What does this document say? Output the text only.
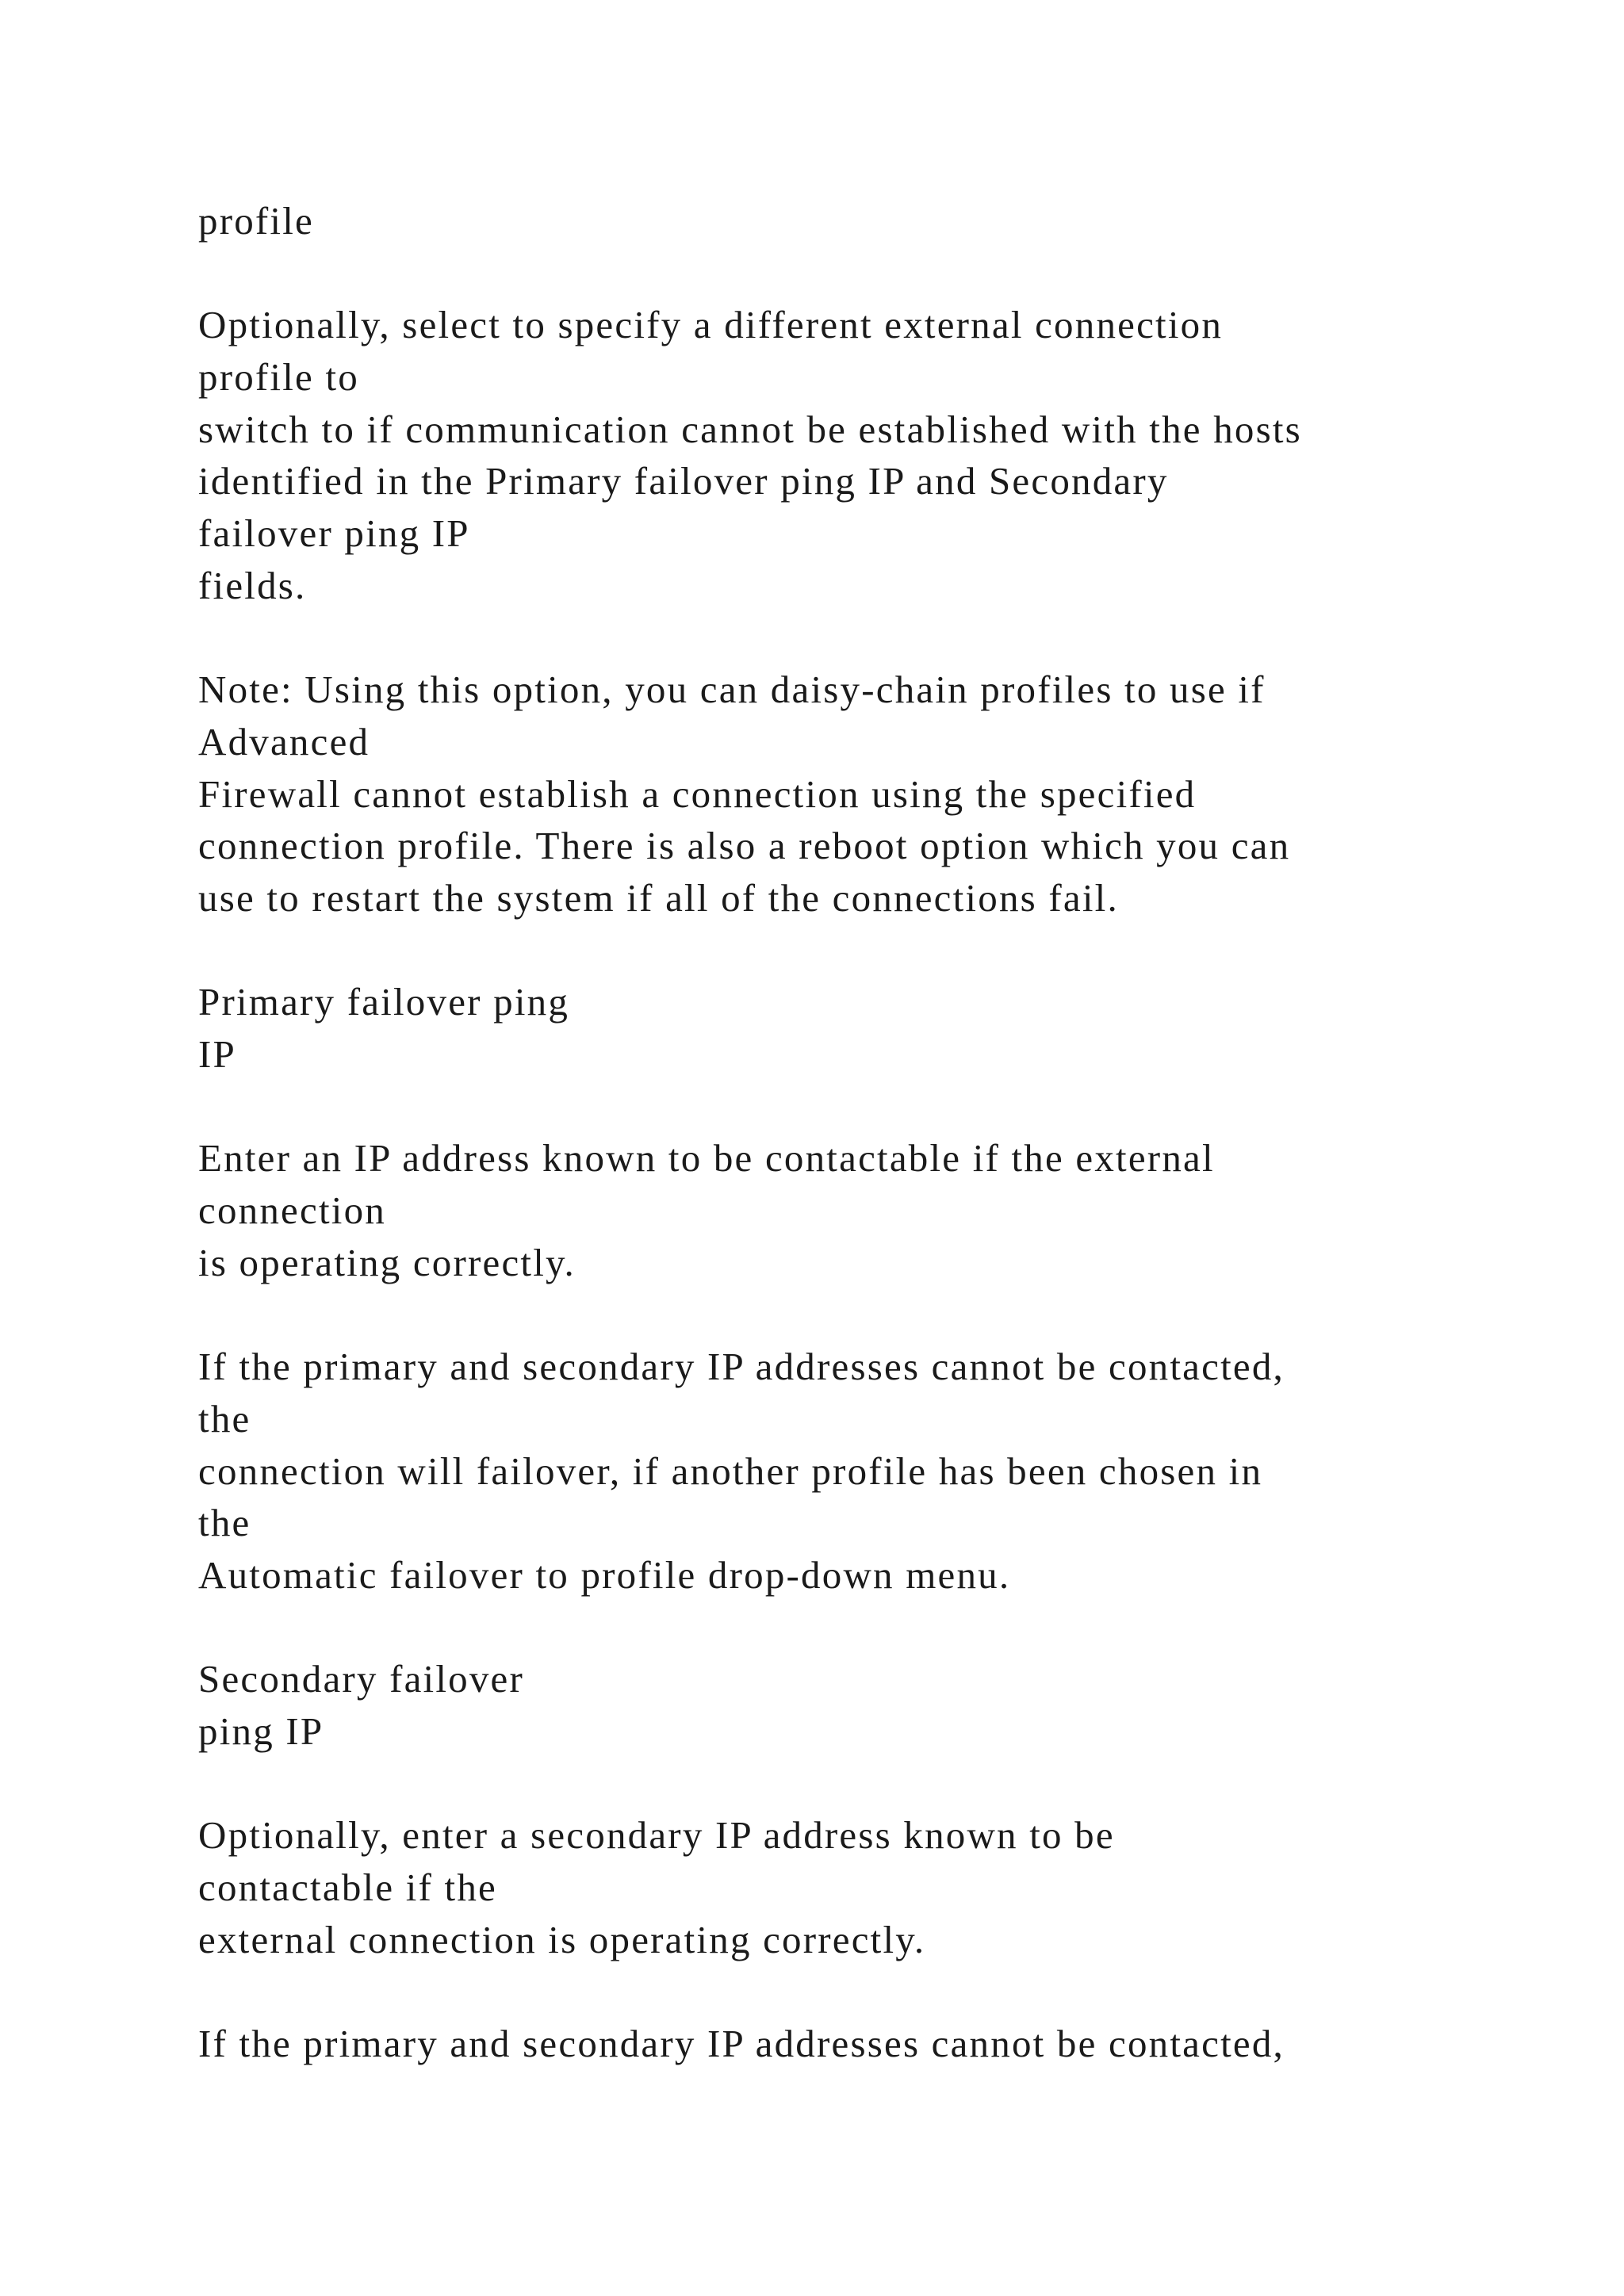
profile
Optionally, select to specify a different external connection
profile to
switch to if communication cannot be established with the hosts
identified in the Primary failover ping IP and Secondary
failover ping IP
fields.
Note: Using this option, you can daisy-chain profiles to use if
Advanced
Firewall cannot establish a connection using the specified
connection profile. There is also a reboot option which you can
use to restart the system if all of the connections fail.
Primary failover ping
IP
Enter an IP address known to be contactable if the external
connection
is operating correctly.
If the primary and secondary IP addresses cannot be contacted,
the
connection will failover, if another profile has been chosen in
the
Automatic failover to profile drop-down menu.
Secondary failover
ping IP
Optionally, enter a secondary IP address known to be
contactable if the
external connection is operating correctly.
If the primary and secondary IP addresses cannot be contacted,
